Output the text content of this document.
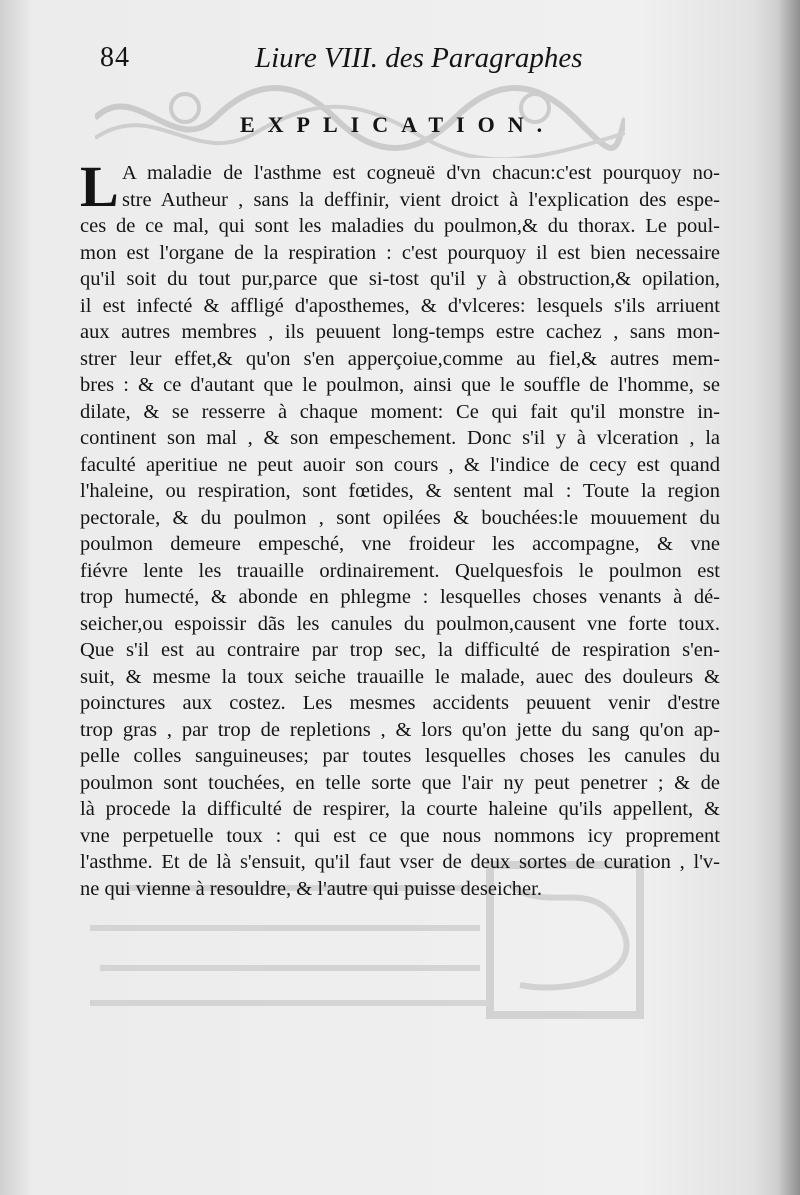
84	Liure VIII. des Paragraphes
EXPLICATION.
L A maladie de l'asthme est cogneuë d'vn chacun:c'est pourquoy no-
stre Autheur , sans la deffinir, vient droict à l'explication des espe-
ces de ce mal, qui sont les maladies du poulmon,& du thorax. Le poul-
mon est l'organe de la respiration : c'est pourquoy il est bien necessaire
qu'il soit du tout pur,parce que si-tost qu'il y à obstruction,& opilation,
il est infecté & affligé d'aposthemes, & d'vlceres: lesquels s'ils arriuent
aux autres membres , ils peuuent long-temps estre cachez , sans mon-
strer leur effet,& qu'on s'en apperçoiue,comme au fiel,& autres mem-
bres : & ce d'autant que le poulmon, ainsi que le souffle de l'homme, se
dilate, & se resserre à chaque moment: Ce qui fait qu'il monstre in-
continent son mal , & son empeschement. Donc s'il y à vlceration , la
faculté aperitiue ne peut auoir son cours , & l'indice de cecy est quand
l'haleine, ou respiration, sont fœtides, & sentent mal : Toute la region
pectorale, & du poulmon , sont opilées & bouchées:le mouuement du
poulmon demeure empesché, vne froideur les accompagne, & vne
fiévre lente les trauaille ordinairement. Quelquesfois le poulmon est
trop humecté, & abonde en phlegme : lesquelles choses venants à dé-
seicher,ou espoissir dãs les canules du poulmon,causent vne forte toux.
Que s'il est au contraire par trop sec, la difficulté de respiration s'en-
suit, & mesme la toux seiche trauaille le malade, auec des douleurs &
poinctures aux costez. Les mesmes accidents peuuent venir d'estre
trop gras , par trop de repletions , & lors qu'on jette du sang qu'on ap-
pelle colles sanguineuses; par toutes lesquelles choses les canules du
poulmon sont touchées, en telle sorte que l'air ny peut penetrer ; & de
là procede la difficulté de respirer, la courte haleine qu'ils appellent, &
vne perpetuelle toux : qui est ce que nous nommons icy proprement
l'asthme. Et de là s'ensuit, qu'il faut vser de deux sortes de curation , l'v-
ne qui vienne à resouldre, & l'autre qui puisse deseicher.
